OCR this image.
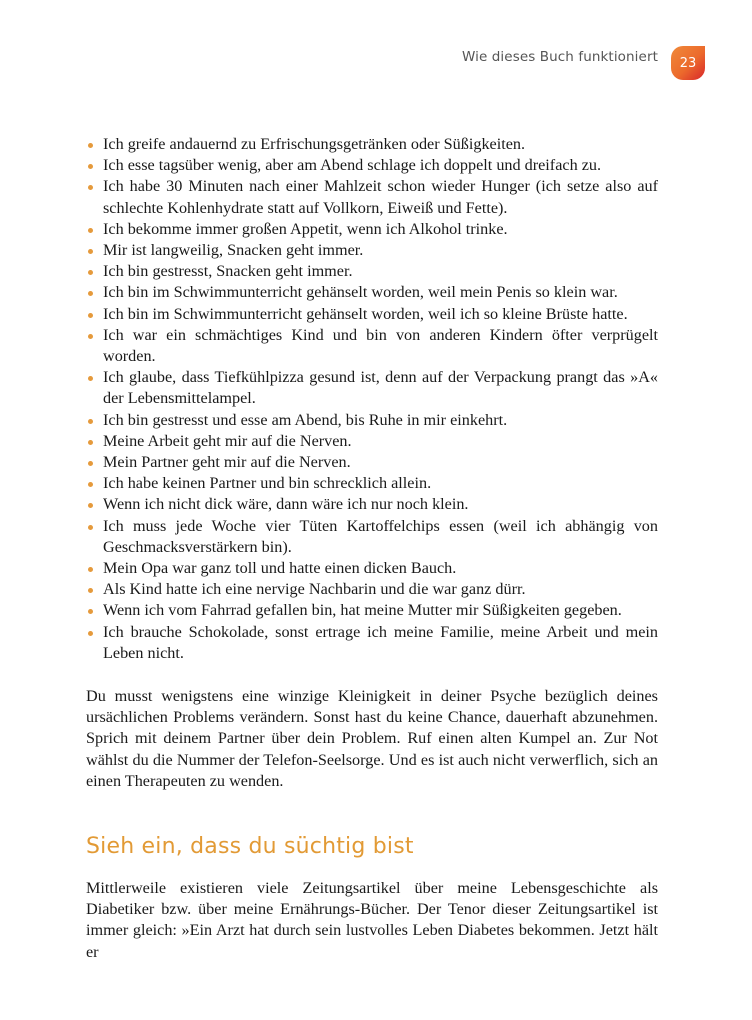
Wie dieses Buch funktioniert 23
Ich greife andauernd zu Erfrischungsgetränken oder Süßigkeiten.
Ich esse tagsüber wenig, aber am Abend schlage ich doppelt und dreifach zu.
Ich habe 30 Minuten nach einer Mahlzeit schon wieder Hunger (ich setze also auf schlechte Kohlenhydrate statt auf Vollkorn, Eiweiß und Fette).
Ich bekomme immer großen Appetit, wenn ich Alkohol trinke.
Mir ist langweilig, Snacken geht immer.
Ich bin gestresst, Snacken geht immer.
Ich bin im Schwimmunterricht gehänselt worden, weil mein Penis so klein war.
Ich bin im Schwimmunterricht gehänselt worden, weil ich so kleine Brüste hatte.
Ich war ein schmächtiges Kind und bin von anderen Kindern öfter verprügelt worden.
Ich glaube, dass Tiefkühlpizza gesund ist, denn auf der Verpackung prangt das »A« der Lebensmittelampel.
Ich bin gestresst und esse am Abend, bis Ruhe in mir einkehrt.
Meine Arbeit geht mir auf die Nerven.
Mein Partner geht mir auf die Nerven.
Ich habe keinen Partner und bin schrecklich allein.
Wenn ich nicht dick wäre, dann wäre ich nur noch klein.
Ich muss jede Woche vier Tüten Kartoffelchips essen (weil ich abhängig von Geschmacksverstärkern bin).
Mein Opa war ganz toll und hatte einen dicken Bauch.
Als Kind hatte ich eine nervige Nachbarin und die war ganz dürr.
Wenn ich vom Fahrrad gefallen bin, hat meine Mutter mir Süßigkeiten gegeben.
Ich brauche Schokolade, sonst ertrage ich meine Familie, meine Arbeit und mein Leben nicht.

Du musst wenigstens eine winzige Kleinigkeit in deiner Psyche bezüglich deines ursächlichen Problems verändern. Sonst hast du keine Chance, dauerhaft abzunehmen. Sprich mit deinem Partner über dein Problem. Ruf einen alten Kumpel an. Zur Not wählst du die Nummer der Telefon-Seelsorge. Und es ist auch nicht verwerflich, sich an einen Therapeuten zu wenden.

Sieh ein, dass du süchtig bist

Mittlerweile existieren viele Zeitungsartikel über meine Lebensgeschichte als Diabetiker bzw. über meine Ernährungs-Bücher. Der Tenor dieser Zeitungsartikel ist immer gleich: »Ein Arzt hat durch sein lustvolles Leben Diabetes bekommen. Jetzt hält er
